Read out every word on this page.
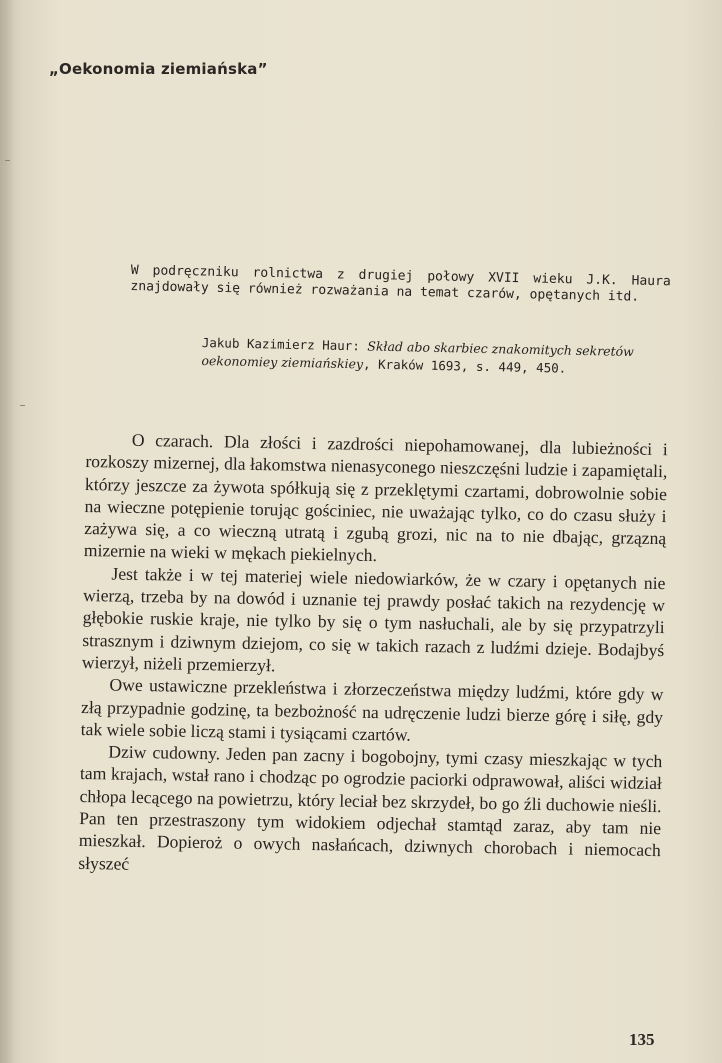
„Oekonomia ziemiańska”

W podręczniku rolnictwa z drugiej połowy XVII wieku J.K. Haura znajdowały się również rozważania na temat czarów, opętanych itd.

Jakub Kazimierz Haur: Skład abo skarbiec znakomitych sekretów oekonomiey ziemiańskiey, Kraków 1693, s. 449, 450.

O czarach. Dla złości i zazdrości niepohamowanej, dla lubieżności i rozkoszy mizernej, dla łakomstwa nienasyconego nieszczęśni ludzie i zapamiętali, którzy jeszcze za żywota spółkują się z przeklętymi czartami, dobrowolnie sobie na wieczne potępienie torując gościniec, nie uważając tylko, co do czasu służy i zażywa się, a co wieczną utratą i zgubą grozi, nic na to nie dbając, grzązną mizernie na wieki w mękach piekielnych.

Jest także i w tej materiej wiele niedowiarków, że w czary i opętanych nie wierzą, trzeba by na dowód i uznanie tej prawdy posłać takich na rezydencję w głębokie ruskie kraje, nie tylko by się o tym nasłuchali, ale by się przypatrzyli strasznym i dziwnym dziejom, co się w takich razach z ludźmi dzieje. Bodajbyś wierzył, niżeli przemierzył.

Owe ustawiczne przekleństwa i złorzeczeństwa między ludźmi, które gdy w złą przypadnie godzinę, ta bezbożność na udręczenie ludzi bierze górę i siłę, gdy tak wiele sobie liczą stami i tysiącami czartów.

Dziw cudowny. Jeden pan zacny i bogobojny, tymi czasy mieszkając w tych tam krajach, wstał rano i chodząc po ogrodzie paciorki odprawował, aliści widział chłopa lecącego na powietrzu, który leciał bez skrzydeł, bo go źli duchowie nieśli. Pan ten przestraszony tym widokiem odjechał stamtąd zaraz, aby tam nie mieszkał. Dopieroż o owych nasłańcach, dziwnych chorobach i niemocach słyszeć

135
